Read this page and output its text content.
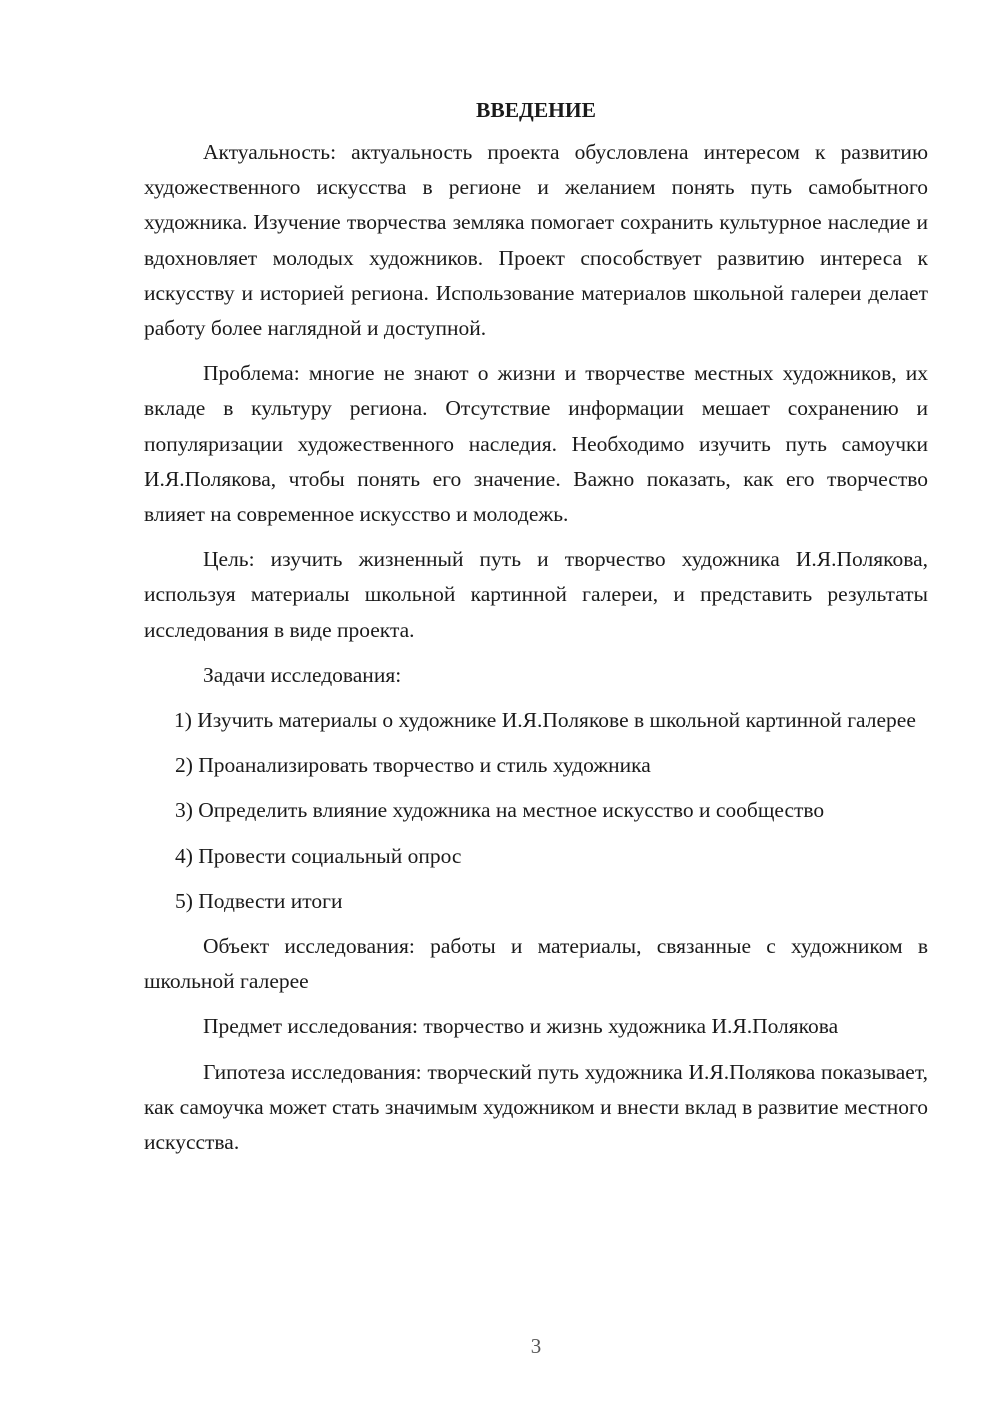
ВВЕДЕНИЕ

Актуальность: актуальность проекта обусловлена интересом к развитию художественного искусства в регионе и желанием понять путь самобытного художника. Изучение творчества земляка помогает сохранить культурное наследие и вдохновляет молодых художников. Проект способствует развитию интереса к искусству и историей региона. Использование материалов школьной галереи делает работу более наглядной и доступной.

Проблема: многие не знают о жизни и творчестве местных художников, их вкладе в культуру региона. Отсутствие информации мешает сохранению и популяризации художественного наследия. Необходимо изучить путь самоучки И.Я.Полякова, чтобы понять его значение. Важно показать, как его творчество влияет на современное искусство и молодежь.

Цель: изучить жизненный путь и творчество художника И.Я.Полякова, используя материалы школьной картинной галереи, и представить результаты исследования в виде проекта.

Задачи исследования:

1) Изучить материалы о художнике И.Я.Полякове в школьной картинной галерее

2) Проанализировать творчество и стиль художника

3) Определить влияние художника на местное искусство и сообщество

4) Провести социальный опрос

5) Подвести итоги

Объект исследования: работы и материалы, связанные с художником в школьной галерее

Предмет исследования: творчество и жизнь художника И.Я.Полякова

Гипотеза исследования: творческий путь художника И.Я.Полякова показывает, как самоучка может стать значимым художником и внести вклад в развитие местного искусства.

3
